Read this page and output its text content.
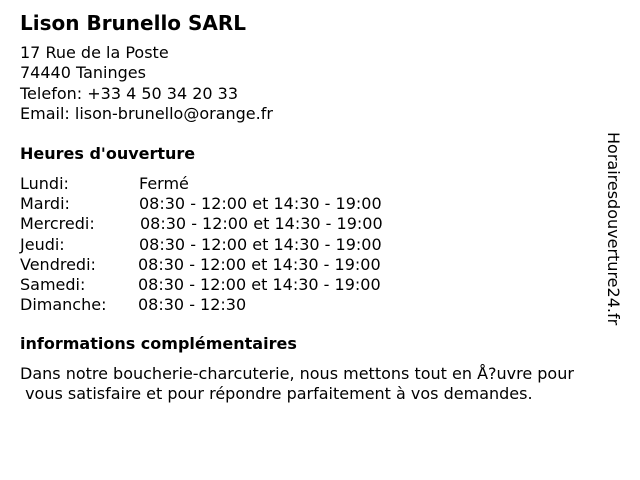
Lison Brunello SARL
17 Rue de la Poste
74440 Taninges
Telefon: +33 4 50 34 20 33
Email: lison-brunello@orange.fr
Heures d'ouverture
Lundi:	Fermé
Mardi:	08:30 - 12:00 et 14:30 - 19:00
Mercredi:	08:30 - 12:00 et 14:30 - 19:00
Jeudi:	08:30 - 12:00 et 14:30 - 19:00
Vendredi:	08:30 - 12:00 et 14:30 - 19:00
Samedi:	08:30 - 12:00 et 14:30 - 19:00
Dimanche: 08:30 - 12:30
informations complémentaires
Dans notre boucherie-charcuterie, nous mettons tout en Å?uvre pour
vous satisfaire et pour répondre parfaitement à vos demandes.
Horairesdouverture24.fr
